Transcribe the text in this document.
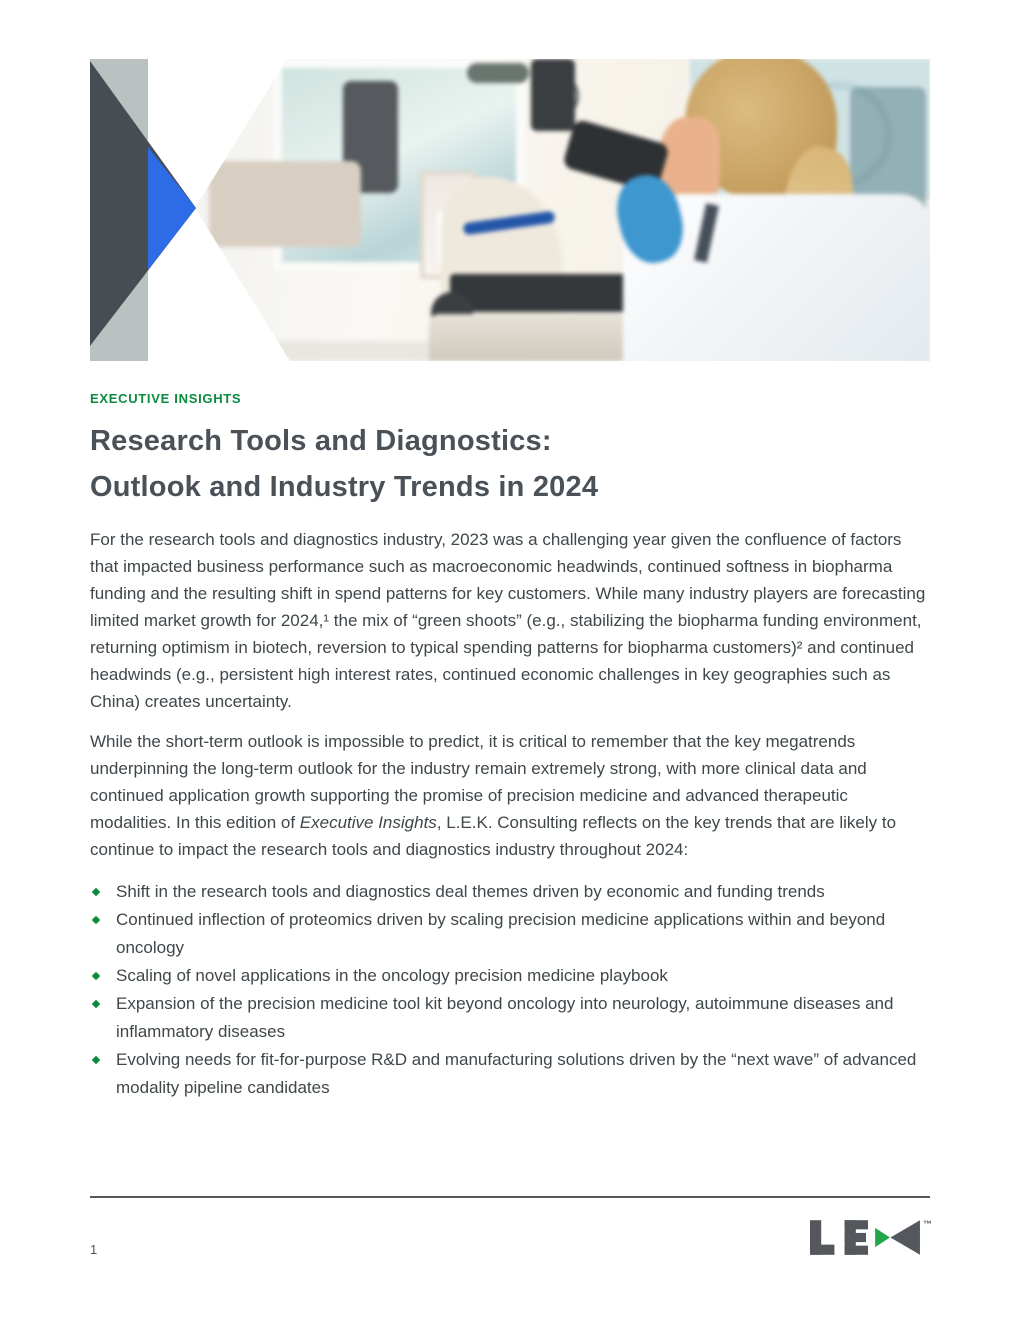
EXECUTIVE INSIGHTS
Research Tools and Diagnostics:
Outlook and Industry Trends in 2024

For the research tools and diagnostics industry, 2023 was a challenging year given the confluence of factors that impacted business performance such as macroeconomic headwinds, continued softness in biopharma funding and the resulting shift in spend patterns for key customers. While many industry players are forecasting limited market growth for 2024,¹ the mix of “green shoots” (e.g., stabilizing the biopharma funding environment, returning optimism in biotech, reversion to typical spending patterns for biopharma customers)² and continued headwinds (e.g., persistent high interest rates, continued economic challenges in key geographies such as China) creates uncertainty.

While the short-term outlook is impossible to predict, it is critical to remember that the key megatrends underpinning the long-term outlook for the industry remain extremely strong, with more clinical data and continued application growth supporting the promise of precision medicine and advanced therapeutic modalities. In this edition of Executive Insights, L.E.K. Consulting reflects on the key trends that are likely to continue to impact the research tools and diagnostics industry throughout 2024:

Shift in the research tools and diagnostics deal themes driven by economic and funding trends
Continued inflection of proteomics driven by scaling precision medicine applications within and beyond oncology
Scaling of novel applications in the oncology precision medicine playbook
Expansion of the precision medicine tool kit beyond oncology into neurology, autoimmune diseases and inflammatory diseases
Evolving needs for fit-for-purpose R&D and manufacturing solutions driven by the “next wave” of advanced modality pipeline candidates
1
™
